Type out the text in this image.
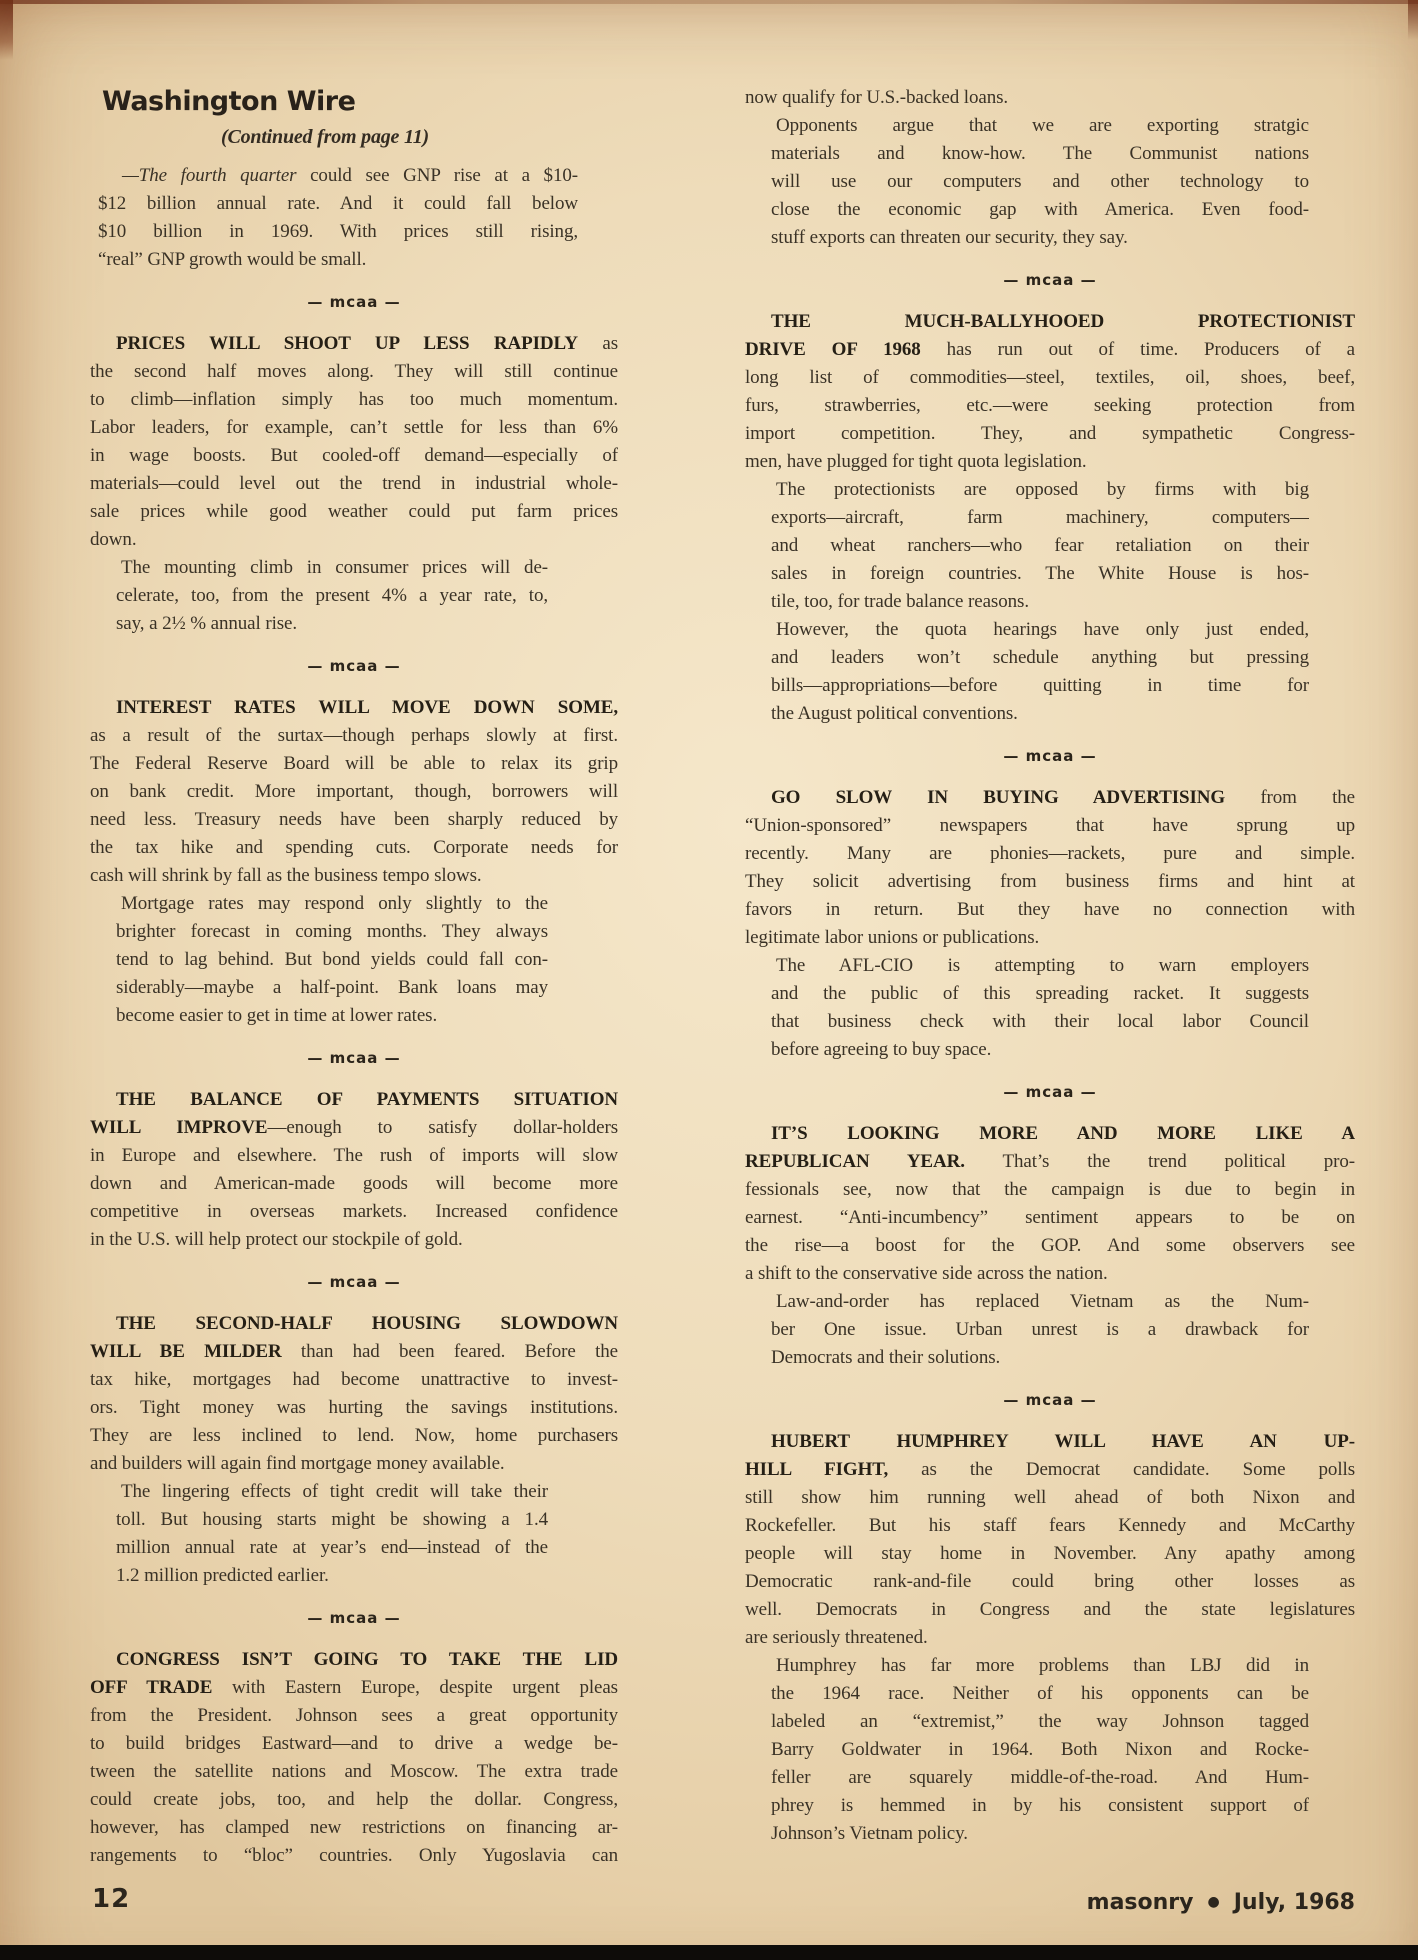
Washington Wire
(Continued from page 11)
—The fourth quarter could see GNP rise at a $10-
$12 billion annual rate. And it could fall below
$10 billion in 1969. With prices still rising,
“real” GNP growth would be small.
— mcaa —
PRICES WILL SHOOT UP LESS RAPIDLY as
the second half moves along. They will still continue
to climb—inflation simply has too much momentum.
Labor leaders, for example, can’t settle for less than 6%
in wage boosts. But cooled-off demand—especially of
materials—could level out the trend in industrial whole-
sale prices while good weather could put farm prices
down.
The mounting climb in consumer prices will de-
celerate, too, from the present 4% a year rate, to,
say, a 2½ % annual rise.
— mcaa —
INTEREST RATES WILL MOVE DOWN SOME,
as a result of the surtax—though perhaps slowly at first.
The Federal Reserve Board will be able to relax its grip
on bank credit. More important, though, borrowers will
need less. Treasury needs have been sharply reduced by
the tax hike and spending cuts. Corporate needs for
cash will shrink by fall as the business tempo slows.
Mortgage rates may respond only slightly to the
brighter forecast in coming months. They always
tend to lag behind. But bond yields could fall con-
siderably—maybe a half-point. Bank loans may
become easier to get in time at lower rates.
— mcaa —
THE BALANCE OF PAYMENTS SITUATION
WILL IMPROVE—enough to satisfy dollar-holders
in Europe and elsewhere. The rush of imports will slow
down and American-made goods will become more
competitive in overseas markets. Increased confidence
in the U.S. will help protect our stockpile of gold.
— mcaa —
THE SECOND-HALF HOUSING SLOWDOWN
WILL BE MILDER than had been feared. Before the
tax hike, mortgages had become unattractive to invest-
ors. Tight money was hurting the savings institutions.
They are less inclined to lend. Now, home purchasers
and builders will again find mortgage money available.
The lingering effects of tight credit will take their
toll. But housing starts might be showing a 1.4
million annual rate at year’s end—instead of the
1.2 million predicted earlier.
— mcaa —
CONGRESS ISN’T GOING TO TAKE THE LID
OFF TRADE with Eastern Europe, despite urgent pleas
from the President. Johnson sees a great opportunity
to build bridges Eastward—and to drive a wedge be-
tween the satellite nations and Moscow. The extra trade
could create jobs, too, and help the dollar. Congress,
however, has clamped new restrictions on financing ar-
rangements to “bloc” countries. Only Yugoslavia can
now qualify for U.S.-backed loans.
Opponents argue that we are exporting stratgic
materials and know-how. The Communist nations
will use our computers and other technology to
close the economic gap with America. Even food-
stuff exports can threaten our security, they say.
— mcaa —
THE MUCH-BALLYHOOED PROTECTIONIST
DRIVE OF 1968 has run out of time. Producers of a
long list of commodities—steel, textiles, oil, shoes, beef,
furs, strawberries, etc.—were seeking protection from
import competition. They, and sympathetic Congress-
men, have plugged for tight quota legislation.
The protectionists are opposed by firms with big
exports—aircraft, farm machinery, computers—
and wheat ranchers—who fear retaliation on their
sales in foreign countries. The White House is hos-
tile, too, for trade balance reasons.
However, the quota hearings have only just ended,
and leaders won’t schedule anything but pressing
bills—appropriations—before quitting in time for
the August political conventions.
— mcaa —
GO SLOW IN BUYING ADVERTISING from the
“Union-sponsored” newspapers that have sprung up
recently. Many are phonies—rackets, pure and simple.
They solicit advertising from business firms and hint at
favors in return. But they have no connection with
legitimate labor unions or publications.
The AFL-CIO is attempting to warn employers
and the public of this spreading racket. It suggests
that business check with their local labor Council
before agreeing to buy space.
— mcaa —
IT’S LOOKING MORE AND MORE LIKE A
REPUBLICAN YEAR. That’s the trend political pro-
fessionals see, now that the campaign is due to begin in
earnest. “Anti-incumbency” sentiment appears to be on
the rise—a boost for the GOP. And some observers see
a shift to the conservative side across the nation.
Law-and-order has replaced Vietnam as the Num-
ber One issue. Urban unrest is a drawback for
Democrats and their solutions.
— mcaa —
HUBERT HUMPHREY WILL HAVE AN UP-
HILL FIGHT, as the Democrat candidate. Some polls
still show him running well ahead of both Nixon and
Rockefeller. But his staff fears Kennedy and McCarthy
people will stay home in November. Any apathy among
Democratic rank-and-file could bring other losses as
well. Democrats in Congress and the state legislatures
are seriously threatened.
Humphrey has far more problems than LBJ did in
the 1964 race. Neither of his opponents can be
labeled an “extremist,” the way Johnson tagged
Barry Goldwater in 1964. Both Nixon and Rocke-
feller are squarely middle-of-the-road. And Hum-
phrey is hemmed in by his consistent support of
Johnson’s Vietnam policy.
12	masonry ● July, 1968
